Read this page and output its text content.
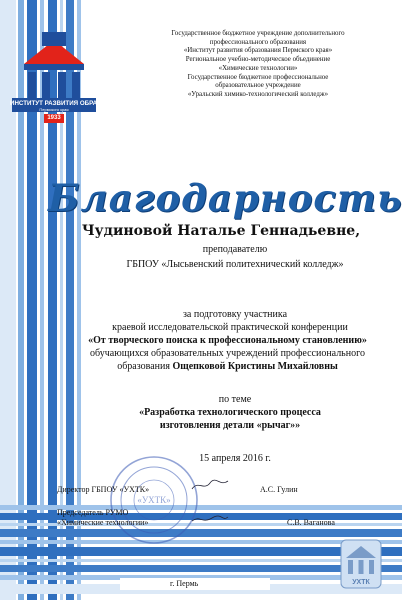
ИНСТИТУТ РАЗВИТИЯ ОБРАЗОВАНИЯ
Пермского края
1933
Государственное бюджетное учреждение дополнительного
профессионального образования
«Институт развития образования Пермского края»
Региональное учебно-методическое объединение
«Химические технологии»
Государственное бюджетное профессиональное
образовательное учреждение
«Уральский химико-технологический колледж»
Благодарность
Чудиновой Наталье Геннадьевне,
преподавателю
ГБПОУ «Лысьвенский политехнический колледж»
за подготовку участника
краевой исследовательской практической конференции
«От творческого поиска к профессиональному становлению»
обучающихся образовательных учреждений профессионального
образования Ощепковой Кристины Михайловны
по теме
«Разработка технологического процесса
изготовления детали «рычаг»»
15 апреля 2016 г.
«УХТК»
Директор ГБПОУ «УХТК»	А.С. Гулин
Председатель РУМО
«Химические технологии»	С.В. Ваганова
г. Пермь	УХТК
